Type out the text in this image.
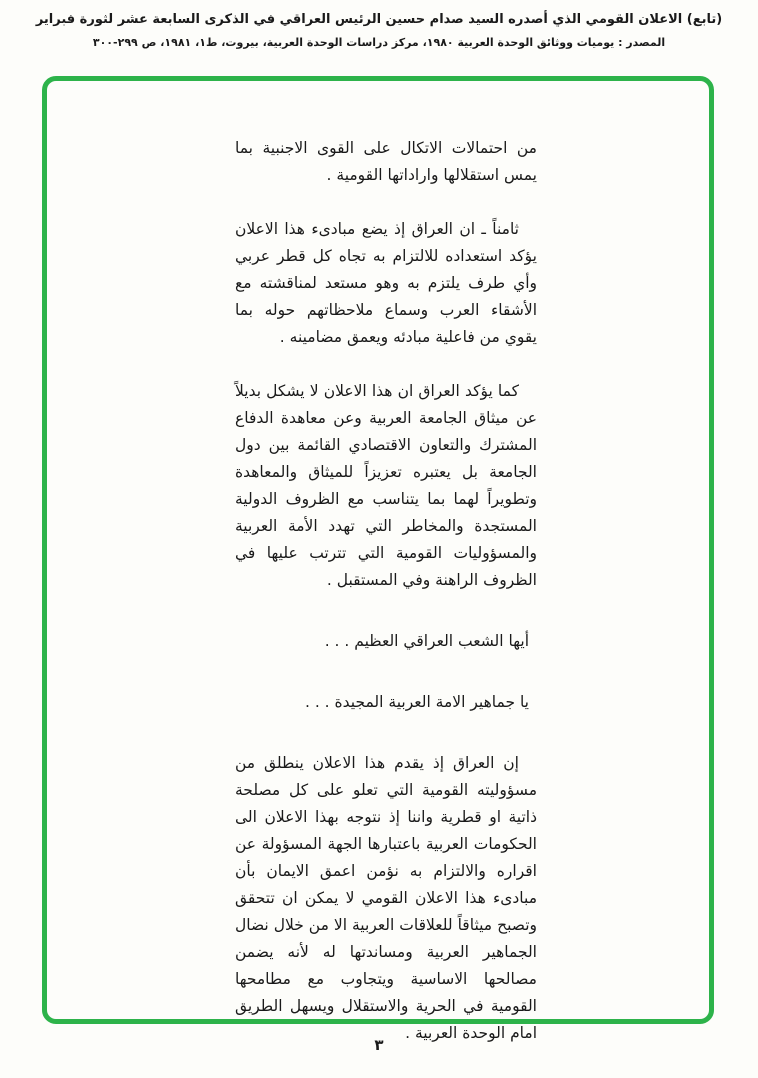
(تابع) الاعلان القومي الذي أصدره السيد صدام حسين الرئيس العراقي في الذكرى السابعة عشر لثورة فبراير
المصدر : يوميات ووثائق الوحدة العربية ١٩٨٠، مركز دراسات الوحدة العربية، بيروت، ط١، ١٩٨١، ص ٢٩٩-٣٠٠

من احتمالات الاتكال على القوى الاجنبية بما يمس استقلالها واراداتها القومية .

ثامناً ـ ان العراق إذ يضع مبادىء هذا الاعلان يؤكد استعداده للالتزام به تجاه كل قطر عربي وأي طرف يلتزم به وهو مستعد لمناقشته مع الأشقاء العرب وسماع ملاحظاتهم حوله بما يقوي من فاعلية مبادئه ويعمق مضامينه .

كما يؤكد العراق ان هذا الاعلان لا يشكل بديلاً عن ميثاق الجامعة العربية وعن معاهدة الدفاع المشترك والتعاون الاقتصادي القائمة بين دول الجامعة بل يعتبره تعزيزاً للميثاق والمعاهدة وتطويراً لهما بما يتناسب مع الظروف الدولية المستجدة والمخاطر التي تهدد الأمة العربية والمسؤوليات القومية التي تترتب عليها في الظروف الراهنة وفي المستقبل .

أيها الشعب العراقي العظيم . . .

يا جماهير الامة العربية المجيدة . . .

إن العراق إذ يقدم هذا الاعلان ينطلق من مسؤوليته القومية التي تعلو على كل مصلحة ذاتية او قطرية واننا إذ نتوجه بهذا الاعلان الى الحكومات العربية باعتبارها الجهة المسؤولة عن اقراره والالتزام به نؤمن اعمق الايمان بأن مبادىء هذا الاعلان القومي لا يمكن ان تتحقق وتصبح ميثاقاً للعلاقات العربية الا من خلال نضال الجماهير العربية ومساندتها له لأنه يضمن مصالحها الاساسية ويتجاوب مع مطامحها القومية في الحرية والاستقلال ويسهل الطريق امام الوحدة العربية .

٣
